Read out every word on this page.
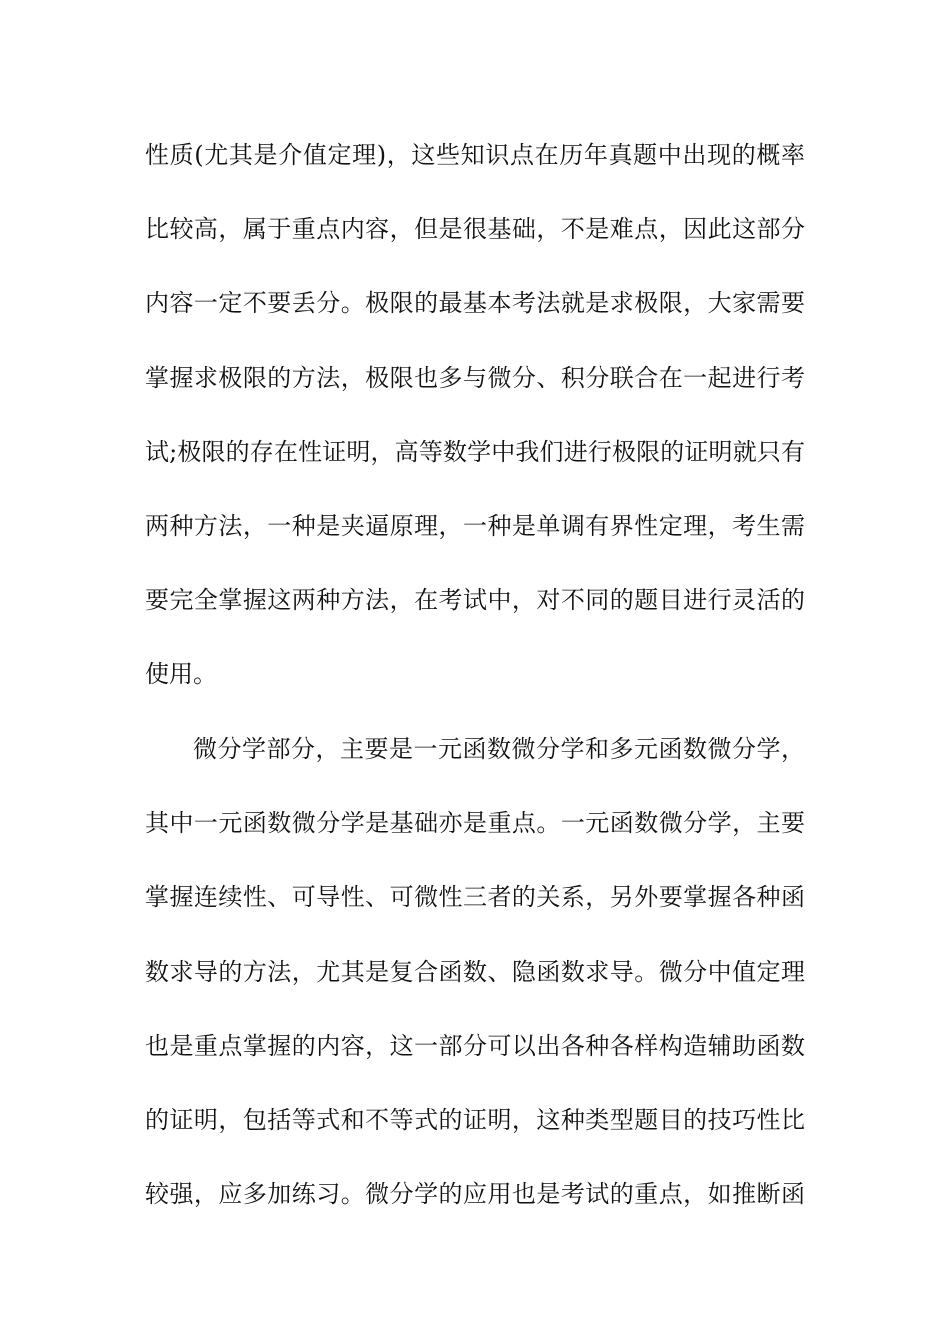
性质(尤其是介值定理)，这些知识点在历年真题中出现的概率
比较高，属于重点内容，但是很基础，不是难点，因此这部分
内容一定不要丢分。极限的最基本考法就是求极限，大家需要
掌握求极限的方法，极限也多与微分、积分联合在一起进行考
试;极限的存在性证明，高等数学中我们进行极限的证明就只有
两种方法，一种是夹逼原理，一种是单调有界性定理，考生需
要完全掌握这两种方法，在考试中，对不同的题目进行灵活的
使用。
微分学部分，主要是一元函数微分学和多元函数微分学，
其中一元函数微分学是基础亦是重点。一元函数微分学，主要
掌握连续性、可导性、可微性三者的关系，另外要掌握各种函
数求导的方法，尤其是复合函数、隐函数求导。微分中值定理
也是重点掌握的内容，这一部分可以出各种各样构造辅助函数
的证明，包括等式和不等式的证明，这种类型题目的技巧性比
较强，应多加练习。微分学的应用也是考试的重点，如推断函
